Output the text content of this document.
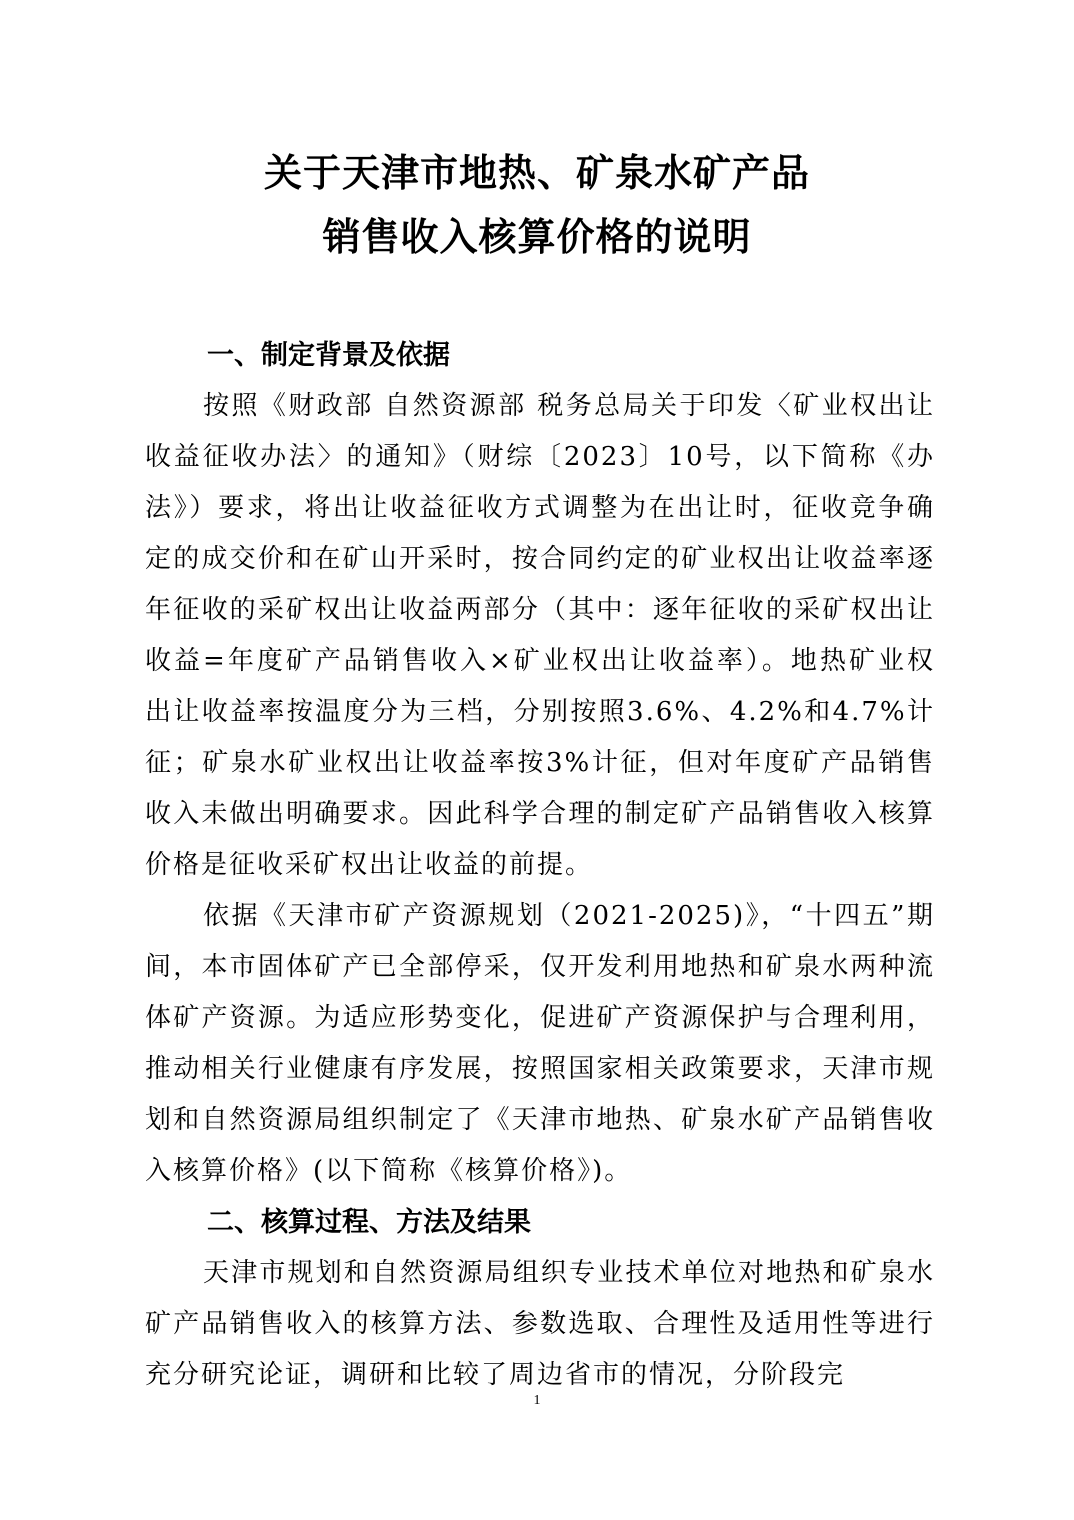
关于天津市地热、矿泉水矿产品
销售收入核算价格的说明
一、制定背景及依据

按照《财政部 自然资源部 税务总局关于印发〈矿业权出让收益征收办法〉的通知》（财综〔2023〕10号，以下简称《办法》）要求，将出让收益征收方式调整为在出让时，征收竞争确定的成交价和在矿山开采时，按合同约定的矿业权出让收益率逐年征收的采矿权出让收益两部分（其中：逐年征收的采矿权出让收益=年度矿产品销售收入×矿业权出让收益率）。地热矿业权出让收益率按温度分为三档，分别按照3.6%、4.2%和4.7%计征；矿泉水矿业权出让收益率按3%计征，但对年度矿产品销售收入未做出明确要求。因此科学合理的制定矿产品销售收入核算价格是征收采矿权出让收益的前提。

依据《天津市矿产资源规划（2021-2025)》，“十四五”期间，本市固体矿产已全部停采，仅开发利用地热和矿泉水两种流体矿产资源。为适应形势变化，促进矿产资源保护与合理利用，推动相关行业健康有序发展，按照国家相关政策要求，天津市规划和自然资源局组织制定了《天津市地热、矿泉水矿产品销售收入核算价格》(以下简称《核算价格》)。

二、核算过程、方法及结果

天津市规划和自然资源局组织专业技术单位对地热和矿泉水矿产品销售收入的核算方法、参数选取、合理性及适用性等进行充分研究论证，调研和比较了周边省市的情况，分阶段完

1
